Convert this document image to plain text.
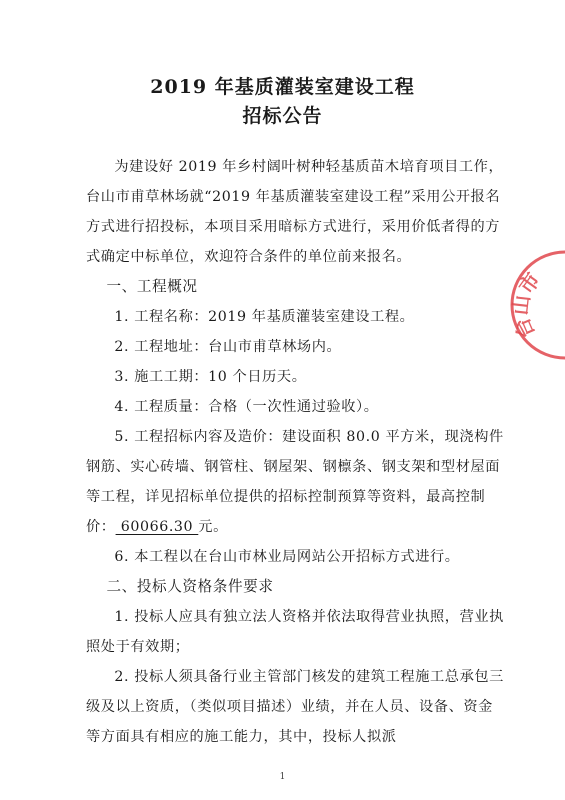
2019 年基质灌装室建设工程
招标公告

为建设好 2019 年乡村阔叶树种轻基质苗木培育项目工作，台山市甫草林场就“2019 年基质灌装室建设工程”采用公开报名方式进行招投标，本项目采用暗标方式进行，采用价低者得的方式确定中标单位，欢迎符合条件的单位前来报名。

一、工程概况

1. 工程名称：2019 年基质灌装室建设工程。

2. 工程地址：台山市甫草林场内。

3. 施工工期：10 个日历天。

4. 工程质量：合格（一次性通过验收）。

5. 工程招标内容及造价：建设面积 80.0 平方米，现浇构件钢筋、实心砖墙、钢管柱、钢屋架、钢檩条、钢支架和型材屋面等工程，详见招标单位提供的招标控制预算等资料，最高控制价： 60066.30 元。

6. 本工程以在台山市林业局网站公开招标方式进行。

二、投标人资格条件要求

1. 投标人应具有独立法人资格并依法取得营业执照，营业执照处于有效期；

2. 投标人须具备行业主管部门核发的建筑工程施工总承包三级及以上资质，（类似项目描述）业绩，并在人员、设备、资金等方面具有相应的施工能力，其中，投标人拟派

台山市
1
